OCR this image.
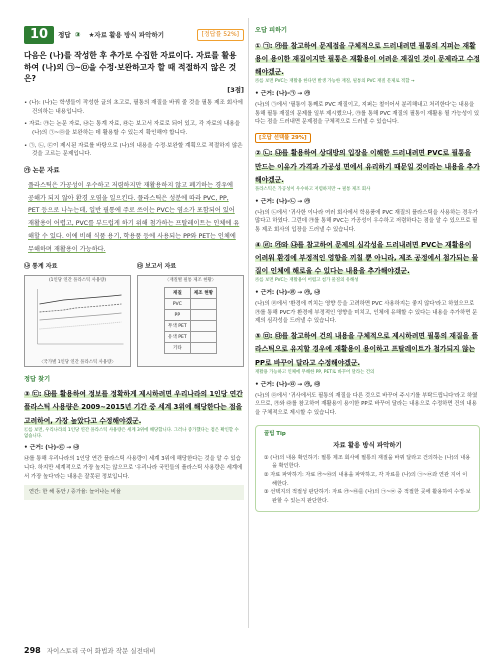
10	정답 ③ ★자료 활용 방식 파악하기	[정답률 52%]
다음은 (나)를 작성한 후 추가로 수집한 자료이다. 자료를 활용하여 (나)의 ㉠~㉤을 수정·보완하고자 할 때 적절하지 않은 것은?
[3점]
• (나): (나)는 학생들이 작성한 글의 초고로, 필통의 재질을 바꿔 줄 것을 필통 제조 회사에 건의하는 내용입니다.
• 자료: ㉮는 논문 자료, ㉯는 통계 자료, ㉰는 보고서 자료로 되어 있고, 각 자료의 내용을 (나)의 ㉠~㉤을 보완하는 데 활용할 수 있는지 확인해야 합니다.
• ㉠, ㉡, ㉢이 제시된 자료를 바탕으로 (나)의 내용을 수정·보완할 계획으로 적절하지 않은 것을 고르는 문제입니다.
㉮ 논문 자료
플라스틱은 가공성이 우수하고 저렴하지만 재활용하지 않고 폐기하는 경우에 공해가 되지 않아 환경 오염을 일으킨다. 플라스틱은 성분에 따라 PVC, PP, PET 등으로 나누는데, 일반 필통에 주로 쓰이는 PVC는 염소가 포함되어 있어 재활용이 어렵고, PVC를 부드럽게 하기 위해 첨가하는 프탈레이트는 인체에 유해할 수 있다. 이에 비해 식품 용기, 학용품 등에 사용되는 PP와 PET는 인체에 무해하며 재활용이 가능하다.
㉯ 통계 자료
(1인당 연간 플라스틱 사용량)
〈국가별 1인당 연간 플라스틱 사용량〉
㉰ 보고서 자료
〈재질별 필통 제조 현황〉
재질	제조 현황
PVC	
PP	
무색 PET	
유색 PET	
기타	
정답 찾기
③ ㉢: ㉯를 활용하여 정보를 정확하게 제시하려면 우리나라의 1인당 연간 플라스틱 사용량은 2009~2015년 기간 중 세계 3위에 해당한다는 점을 고려하여, 가장 높았다고 수정해야겠군.
㉢를 보면, 우리나라의 1인당 연간 플라스틱 사용량은 세계 3위에 해당합니다. 그러나 증가했다는 점은 확인할 수 없습니다.
• 근거: (나)-㉢ → ㉯
㉯를 통해 우리나라의 1인당 연간 플라스틱 사용량이 세계 3위에 해당한다는 것을 알 수 있습니다. 하지만 세계적으로 가장 높지는 않으므로 '우리나라 국민들의 플라스틱 사용량은 세계에서 가장 높다'라는 내용은 잘못된 정보입니다.
연간: 한 해 동안 / 증가율: 늘어나는 비율
오답 피하기
① ㉠: ㉮를 참고하여 문제점을 구체적으로 드러내려면 필통의 지퍼는 재활용이 용이한 재질이지만 필통은 재활용이 어려운 재질인 것이 문제라고 수정해야겠군.
㉮를 보면 PVC는 재활용 한다면 발생 가능한 재질, 필통의 PVC 재질 문제로 적합 →
• 근거: (나)-㉠ → ㉮
(나)의 ㉠에서 '필통이 통째로 PVC 재질이고, 지퍼는 철이어서 분리해내고 처리한다'는 내용을 통해 필통 재질의 문제를 일부 제시했으나, ㉮를 통해 PVC 재질의 필통이 재활용 될 가능성이 있다는 점을 드러내면 문제점을 구체적으로 드러낼 수 있습니다.
[오답 선택률 29%]
② ㉡: ㉯를 활용하여 상대방의 입장을 이해한 드러내려면 PVC로 필통을 만드는 이유가 가격과 가공성 면에서 유리하기 때문일 것이라는 내용을 추가해야겠군.
플라스틱은 가공성이 우수하고 저렴하지만 → 필통 제조 회사
• 근거: (나)-㉡ → ㉮
(나)의 ㉡에서 '귀사한 이나라 여러 회사에서 학용품에 PVC 재질의 플라스틱을 사용하는 경우가 많다고 하였다. 그런데 ㉮를 통해 PVC는 가공성이 우수하고 저렴하다는 점을 알 수 있으므로 필통 제조 회사의 입장을 드러낼 수 있습니다.
④ ㉣: ㉮와 ㉯를 참고하여 문제의 심각성을 드러내려면 PVC는 재활용이 어려워 환경에 부정적인 영향을 끼칠 뿐 아니라, 제조 공정에서 첨가되는 물질이 인체에 해로울 수 있다는 내용을 추가해야겠군.
㉮를 보면 PVC는 재활용이 어렵고 첨가 물질의 유해성
• 근거: (나)-㉣ → ㉮, ㉯
(나)의 ㉣에서 '환경에 끼치는 영향 등을 고려하면 PVC 사용하지는 좋지 않다'라고 하였으므로 ㉮를 통해 PVC가 환경에 부정적인 영향을 미치고, 인체에 유해할 수 있다는 내용을 추가하면 문제의 심각성을 드러낼 수 있습니다.
⑤ ㉤: ㉰를 참고하여 건의 내용을 구체적으로 제시하려면 필통의 재질을 플라스틱으로 유지할 경우에 재활용이 용이하고 프탈레이트가 첨가되지 않는 PP로 바꾸어 달라고 수정해야겠군.
재활용 가능하고 인체에 무해한 PP, PET로 바꾸어 달라는 건의
• 근거: (나)-㉤ → ㉮, ㉰
(나)의 ㉤에서 '귀사에서도 필통의 재질을 다른 것으로 바꾸어 주시기를 부탁드립니다'라고 하였으므로, ㉮와 ㉰를 참고하여 재활용이 용이한 PP로 바꾸어 달라는 내용으로 수정하면 건의 내용을 구체적으로 제시할 수 있습니다.
꿀팁 Tip
자료 활용 방식 파악하기
① (나)의 내용 확인하기: 필통 제조 회사에 필통의 재질을 바꿔 달라고 건의하는 (나)의 내용을 확인한다.
② 자료 파악하기: 자료 ㉮~㉰의 내용을 파악하고, 각 자료를 (나)의 ㉠~㉤과 연관 지어 이해한다.
③ 선택지의 적절성 판단하기: 자료 ㉮~㉰를 (나)의 ㉠~㉤ 중 적절한 곳에 활용하여 수정·보완할 수 있는지 판단한다.
298 자이스토리 국어 화법과 작문 실전대비
